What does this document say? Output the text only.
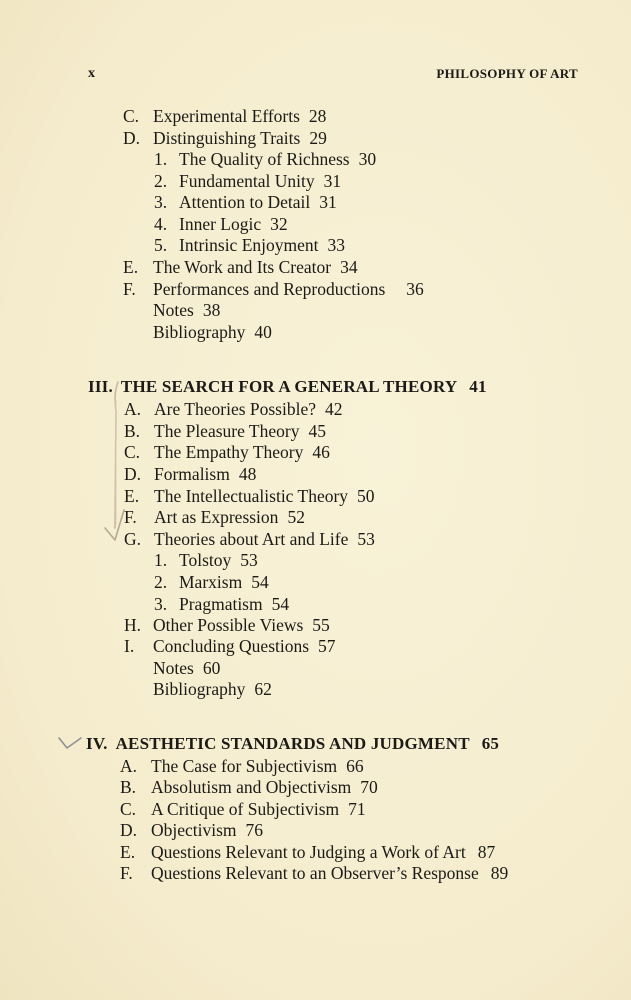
x	PHILOSOPHY OF ART
C. Experimental Efforts 28
D. Distinguishing Traits 29
1. The Quality of Richness 30
2. Fundamental Unity 31
3. Attention to Detail 31
4. Inner Logic 32
5. Intrinsic Enjoyment 33
E. The Work and Its Creator 34
F. Performances and Reproductions 36
Notes 38
Bibliography 40
III. THE SEARCH FOR A GENERAL THEORY 41
A. Are Theories Possible? 42
B. The Pleasure Theory 45
C. The Empathy Theory 46
D. Formalism 48
E. The Intellectualistic Theory 50
F. Art as Expression 52
G. Theories about Art and Life 53
1. Tolstoy 53
2. Marxism 54
3. Pragmatism 54
H. Other Possible Views 55
I. Concluding Questions 57
Notes 60
Bibliography 62
IV. AESTHETIC STANDARDS AND JUDGMENT 65
A. The Case for Subjectivism 66
B. Absolutism and Objectivism 70
C. A Critique of Subjectivism 71
D. Objectivism 76
E. Questions Relevant to Judging a Work of Art 87
F. Questions Relevant to an Observer’s Response 89
